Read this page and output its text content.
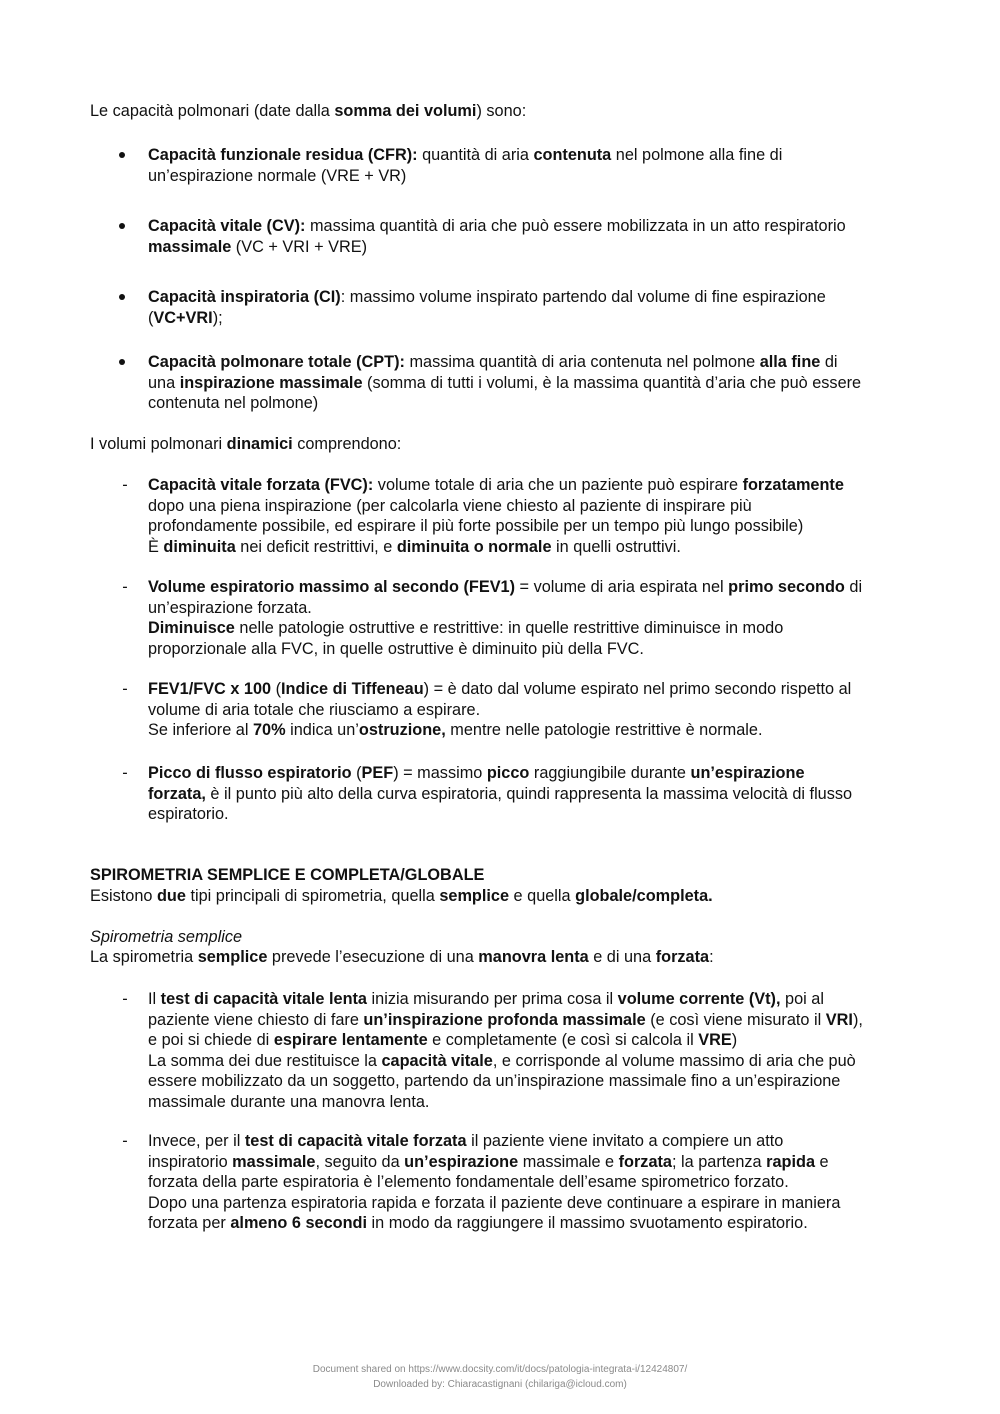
Le capacità polmonari (date dalla somma dei volumi) sono:

Capacità funzionale residua (CFR): quantità di aria contenuta nel polmone alla fine di
un’espirazione normale (VRE + VR)
Capacità vitale (CV): massima quantità di aria che può essere mobilizzata in un atto respiratorio
massimale (VC + VRI + VRE)
Capacità inspiratoria (CI): massimo volume inspirato partendo dal volume di fine espirazione
(VC+VRI);
Capacità polmonare totale (CPT): massima quantità di aria contenuta nel polmone alla fine di
una inspirazione massimale (somma di tutti i volumi, è la massima quantità d’aria che può essere
contenuta nel polmone)

I volumi polmonari dinamici comprendono:

- Capacità vitale forzata (FVC): volume totale di aria che un paziente può espirare forzatamente
dopo una piena inspirazione (per calcolarla viene chiesto al paziente di inspirare più
profondamente possibile, ed espirare il più forte possibile per un tempo più lungo possibile)
È diminuita nei deficit restrittivi, e diminuita o normale in quelli ostruttivi.
- Volume espiratorio massimo al secondo (FEV1) = volume di aria espirata nel primo secondo di
un’espirazione forzata.
Diminuisce nelle patologie ostruttive e restrittive: in quelle restrittive diminuisce in modo
proporzionale alla FVC, in quelle ostruttive è diminuito più della FVC.
- FEV1/FVC x 100 (Indice di Tiffeneau) = è dato dal volume espirato nel primo secondo rispetto al
volume di aria totale che riusciamo a espirare.
Se inferiore al 70% indica un’ostruzione, mentre nelle patologie restrittive è normale.
- Picco di flusso espiratorio (PEF) = massimo picco raggiungibile durante un’espirazione
forzata, è il punto più alto della curva espiratoria, quindi rappresenta la massima velocità di flusso
espiratorio.

SPIROMETRIA SEMPLICE E COMPLETA/GLOBALE

Esistono due tipi principali di spirometria, quella semplice e quella globale/completa.

Spirometria semplice

La spirometria semplice prevede l’esecuzione di una manovra lenta e di una forzata:

- Il test di capacità vitale lenta inizia misurando per prima cosa il volume corrente (Vt), poi al
paziente viene chiesto di fare un’inspirazione profonda massimale (e così viene misurato il VRI),
e poi si chiede di espirare lentamente e completamente (e così si calcola il VRE)
La somma dei due restituisce la capacità vitale, e corrisponde al volume massimo di aria che può
essere mobilizzato da un soggetto, partendo da un’inspirazione massimale fino a un’espirazione
massimale durante una manovra lenta.
- Invece, per il test di capacità vitale forzata il paziente viene invitato a compiere un atto
inspiratorio massimale, seguito da un’espirazione massimale e forzata; la partenza rapida e
forzata della parte espiratoria è l’elemento fondamentale dell’esame spirometrico forzato.
Dopo una partenza espiratoria rapida e forzata il paziente deve continuare a espirare in maniera
forzata per almeno 6 secondi in modo da raggiungere il massimo svuotamento espiratorio.
Document shared on https://www.docsity.com/it/docs/patologia-integrata-i/12424807/
Downloaded by: Chiaracastignani (chilariga@icloud.com)
